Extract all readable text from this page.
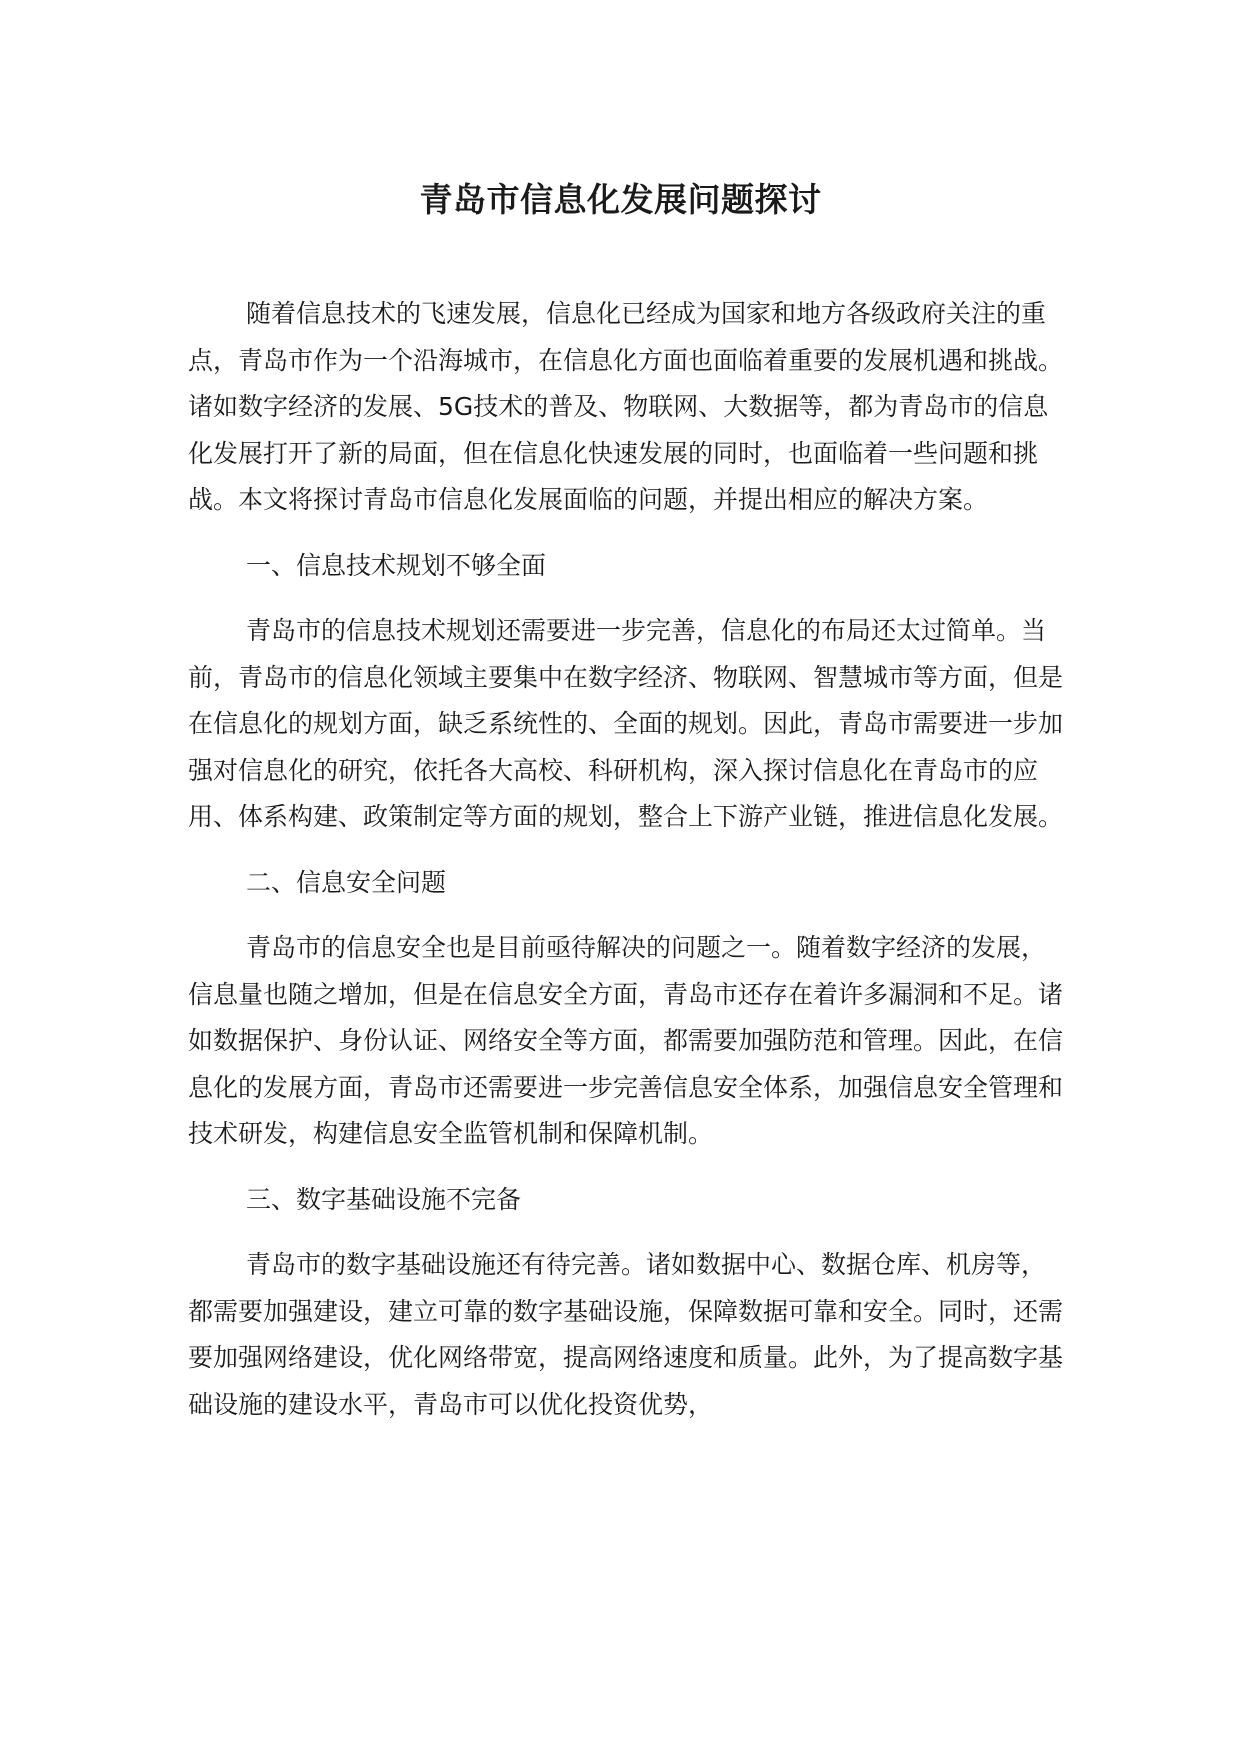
青岛市信息化发展问题探讨

随着信息技术的飞速发展，信息化已经成为国家和地方各级政府关注的重点，青岛市作为一个沿海城市，在信息化方面也面临着重要的发展机遇和挑战。诸如数字经济的发展、5G技术的普及、物联网、大数据等，都为青岛市的信息化发展打开了新的局面，但在信息化快速发展的同时，也面临着一些问题和挑战。本文将探讨青岛市信息化发展面临的问题，并提出相应的解决方案。

一、信息技术规划不够全面

青岛市的信息技术规划还需要进一步完善，信息化的布局还太过简单。当前，青岛市的信息化领域主要集中在数字经济、物联网、智慧城市等方面，但是在信息化的规划方面，缺乏系统性的、全面的规划。因此，青岛市需要进一步加强对信息化的研究，依托各大高校、科研机构，深入探讨信息化在青岛市的应用、体系构建、政策制定等方面的规划，整合上下游产业链，推进信息化发展。

二、信息安全问题

青岛市的信息安全也是目前亟待解决的问题之一。随着数字经济的发展，信息量也随之增加，但是在信息安全方面，青岛市还存在着许多漏洞和不足。诸如数据保护、身份认证、网络安全等方面，都需要加强防范和管理。因此，在信息化的发展方面，青岛市还需要进一步完善信息安全体系，加强信息安全管理和技术研发，构建信息安全监管机制和保障机制。

三、数字基础设施不完备

青岛市的数字基础设施还有待完善。诸如数据中心、数据仓库、机房等，都需要加强建设，建立可靠的数字基础设施，保障数据可靠和安全。同时，还需要加强网络建设，优化网络带宽，提高网络速度和质量。此外，为了提高数字基础设施的建设水平，青岛市可以优化投资优势，
